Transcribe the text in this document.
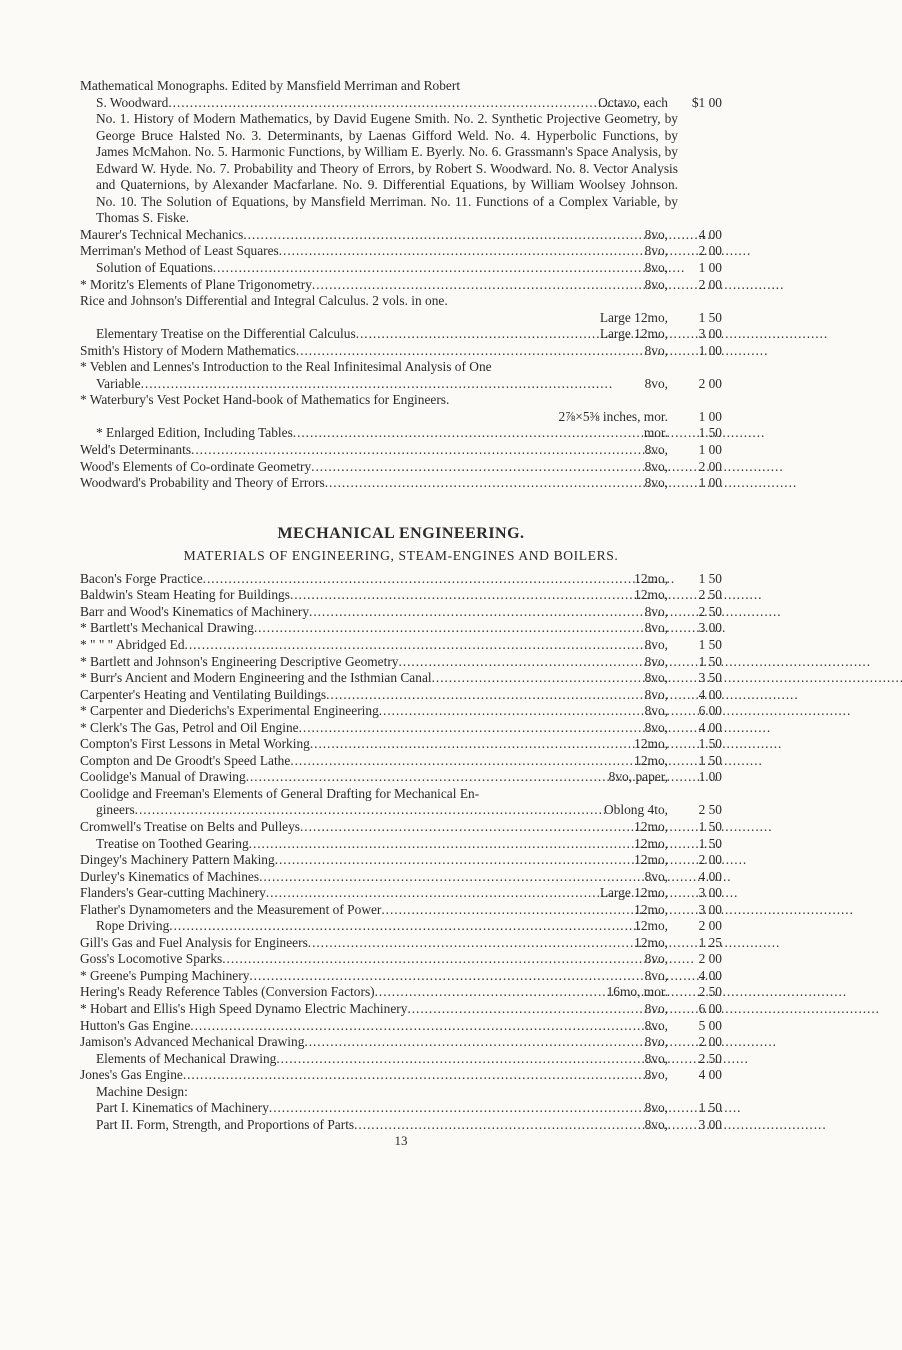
Mathematical Monographs. Edited by Mansfield Merriman and Robert
S. Woodward . . .	Octavo, each	$1 00
No. 1. History of Modern Mathematics, by David Eugene Smith. No. 2. Synthetic Projective Geometry, by George Bruce Halsted No. 3. Determinants, by Laenas Gifford Weld. No. 4. Hyperbolic Functions, by James McMahon. No. 5. Harmonic Functions, by William E. Byerly. No. 6. Grassmann's Space Analysis, by Edward W. Hyde. No. 7. Probability and Theory of Errors, by Robert S. Woodward. No. 8. Vector Analysis and Quaternions, by Alexander Macfarlane. No. 9. Differential Equations, by William Woolsey Johnson. No. 10. The Solution of Equations, by Mansfield Merriman. No. 11. Functions of a Complex Variable, by Thomas S. Fiske.
Maurer's Technical Mechanics . . .	8vo,	4 00
Merriman's Method of Least Squares . . .	8vo,	2 00
Solution of Equations . . .	8vo,	1 00
* Moritz's Elements of Plane Trigonometry . . .	8vo,	2 00
Rice and Johnson's Differential and Integral Calculus. 2 vols. in one.
Large 12mo,	1 50
Elementary Treatise on the Differential Calculus . . .	Large 12mo,	3 00
Smith's History of Modern Mathematics . . .	8vo,	1 00
* Veblen and Lennes's Introduction to the Real Infinitesimal Analysis of One
Variable . . .	8vo,	2 00
* Waterbury's Vest Pocket Hand-book of Mathematics for Engineers.
2⅞×5⅜ inches, mor.	1 00
* Enlarged Edition, Including Tables . . .	mor.	1 50
Weld's Determinants . . .	8vo,	1 00
Wood's Elements of Co-ordinate Geometry . . .	8vo,	2 00
Woodward's Probability and Theory of Errors . . .	8vo,	1 00
MECHANICAL ENGINEERING.
MATERIALS OF ENGINEERING, STEAM-ENGINES AND BOILERS.
Bacon's Forge Practice . . .	12mo,	1 50
Baldwin's Steam Heating for Buildings . . .	12mo,	2 50
Barr and Wood's Kinematics of Machinery . . .	8vo,	2 50
* Bartlett's Mechanical Drawing . . .	8vo,	3 00
* " " " Abridged Ed . . .	8vo,	1 50
* Bartlett and Johnson's Engineering Descriptive Geometry . . .	8vo,	1 50
* Burr's Ancient and Modern Engineering and the Isthmian Canal . . .	8vo,	3 50
Carpenter's Heating and Ventilating Buildings . . .	8vo,	4 00
* Carpenter and Diederichs's Experimental Engineering . . .	8vo,	6 00
* Clerk's The Gas, Petrol and Oil Engine . . .	8vo,	4 00
Compton's First Lessons in Metal Working . . .	12mo,	1 50
Compton and De Groodt's Speed Lathe . . .	12mo,	1 50
Coolidge's Manual of Drawing . . .	8vo, paper,	1 00
Coolidge and Freeman's Elements of General Drafting for Mechanical En-
gineers . . .	Oblong 4to,	2 50
Cromwell's Treatise on Belts and Pulleys . . .	12mo,	1 50
Treatise on Toothed Gearing . . .	12mo,	1 50
Dingey's Machinery Pattern Making . . .	12mo,	2 00
Durley's Kinematics of Machines . . .	8vo,	4 00
Flanders's Gear-cutting Machinery . . .	Large 12mo,	3 00
Flather's Dynamometers and the Measurement of Power . . .	12mo,	3 00
Rope Driving . . .	12mo,	2 00
Gill's Gas and Fuel Analysis for Engineers . . .	12mo,	1 25
Goss's Locomotive Sparks . . .	8vo,	2 00
* Greene's Pumping Machinery . . .	8vo,	4 00
Hering's Ready Reference Tables (Conversion Factors) . . .	16mo, mor.	2 50
* Hobart and Ellis's High Speed Dynamo Electric Machinery . . .	8vo,	6 00
Hutton's Gas Engine . . .	8vo,	5 00
Jamison's Advanced Mechanical Drawing . . .	8vo,	2 00
Elements of Mechanical Drawing . . .	8vo,	2 50
Jones's Gas Engine . . .	8vo,	4 00
Machine Design:
Part I. Kinematics of Machinery . . .	8vo,	1 50
Part II. Form, Strength, and Proportions of Parts . . .	8vo,	3 00
13
